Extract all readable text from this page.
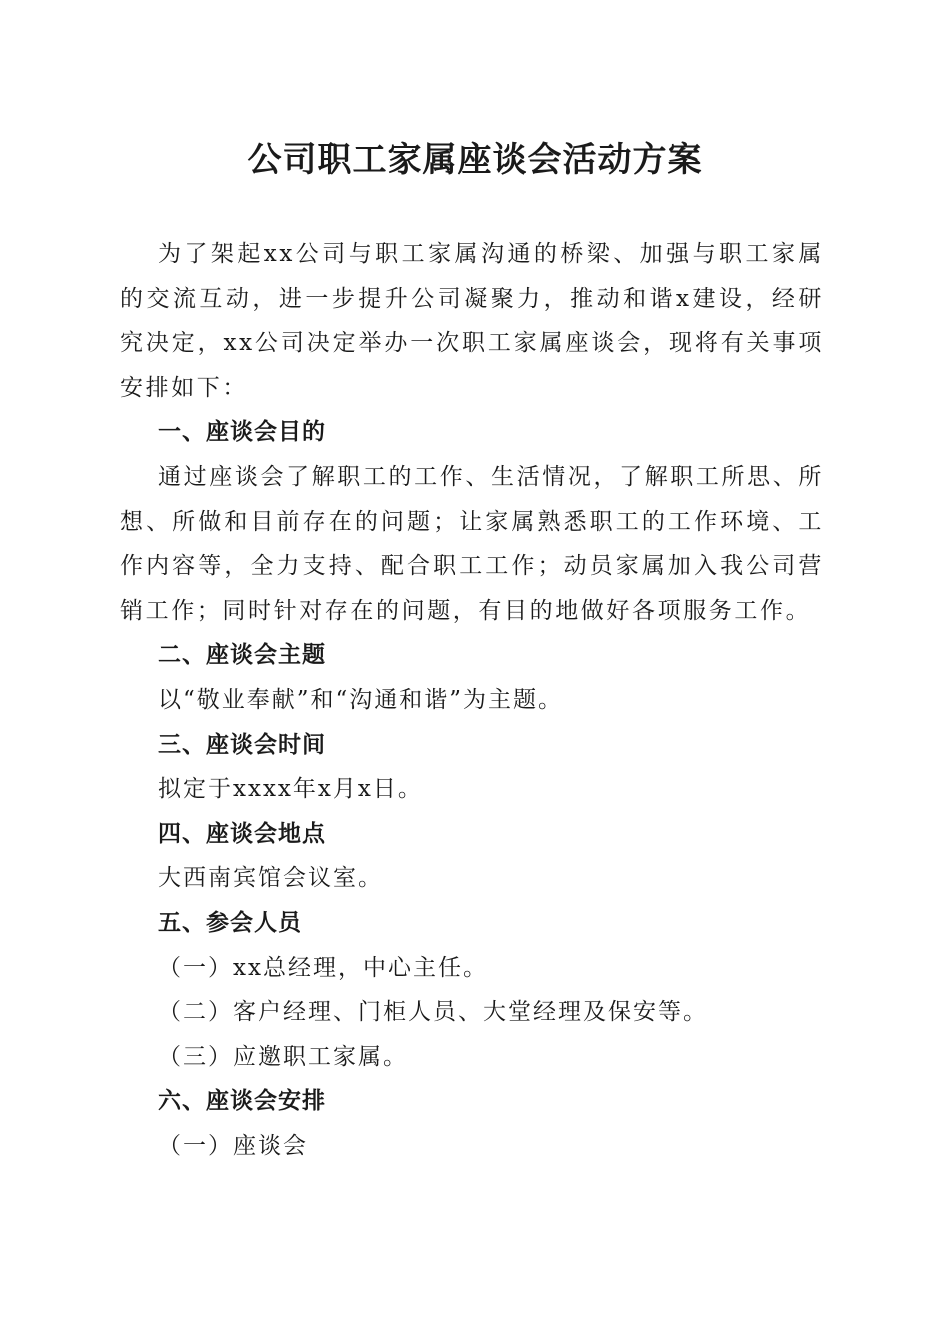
公司职工家属座谈会活动方案

为了架起xx公司与职工家属沟通的桥梁、加强与职工家属的交流互动，进一步提升公司凝聚力，推动和谐x建设，经研究决定，xx公司决定举办一次职工家属座谈会，现将有关事项安排如下：

一、座谈会目的

通过座谈会了解职工的工作、生活情况，了解职工所思、所想、所做和目前存在的问题；让家属熟悉职工的工作环境、工作内容等，全力支持、配合职工工作；动员家属加入我公司营销工作；同时针对存在的问题，有目的地做好各项服务工作。

二、座谈会主题

以“敬业奉献”和“沟通和谐”为主题。

三、座谈会时间

拟定于xxxx年x月x日。

四、座谈会地点

大西南宾馆会议室。

五、参会人员

（一）xx总经理，中心主任。

（二）客户经理、门柜人员、大堂经理及保安等。

（三）应邀职工家属。

六、座谈会安排

（一）座谈会
